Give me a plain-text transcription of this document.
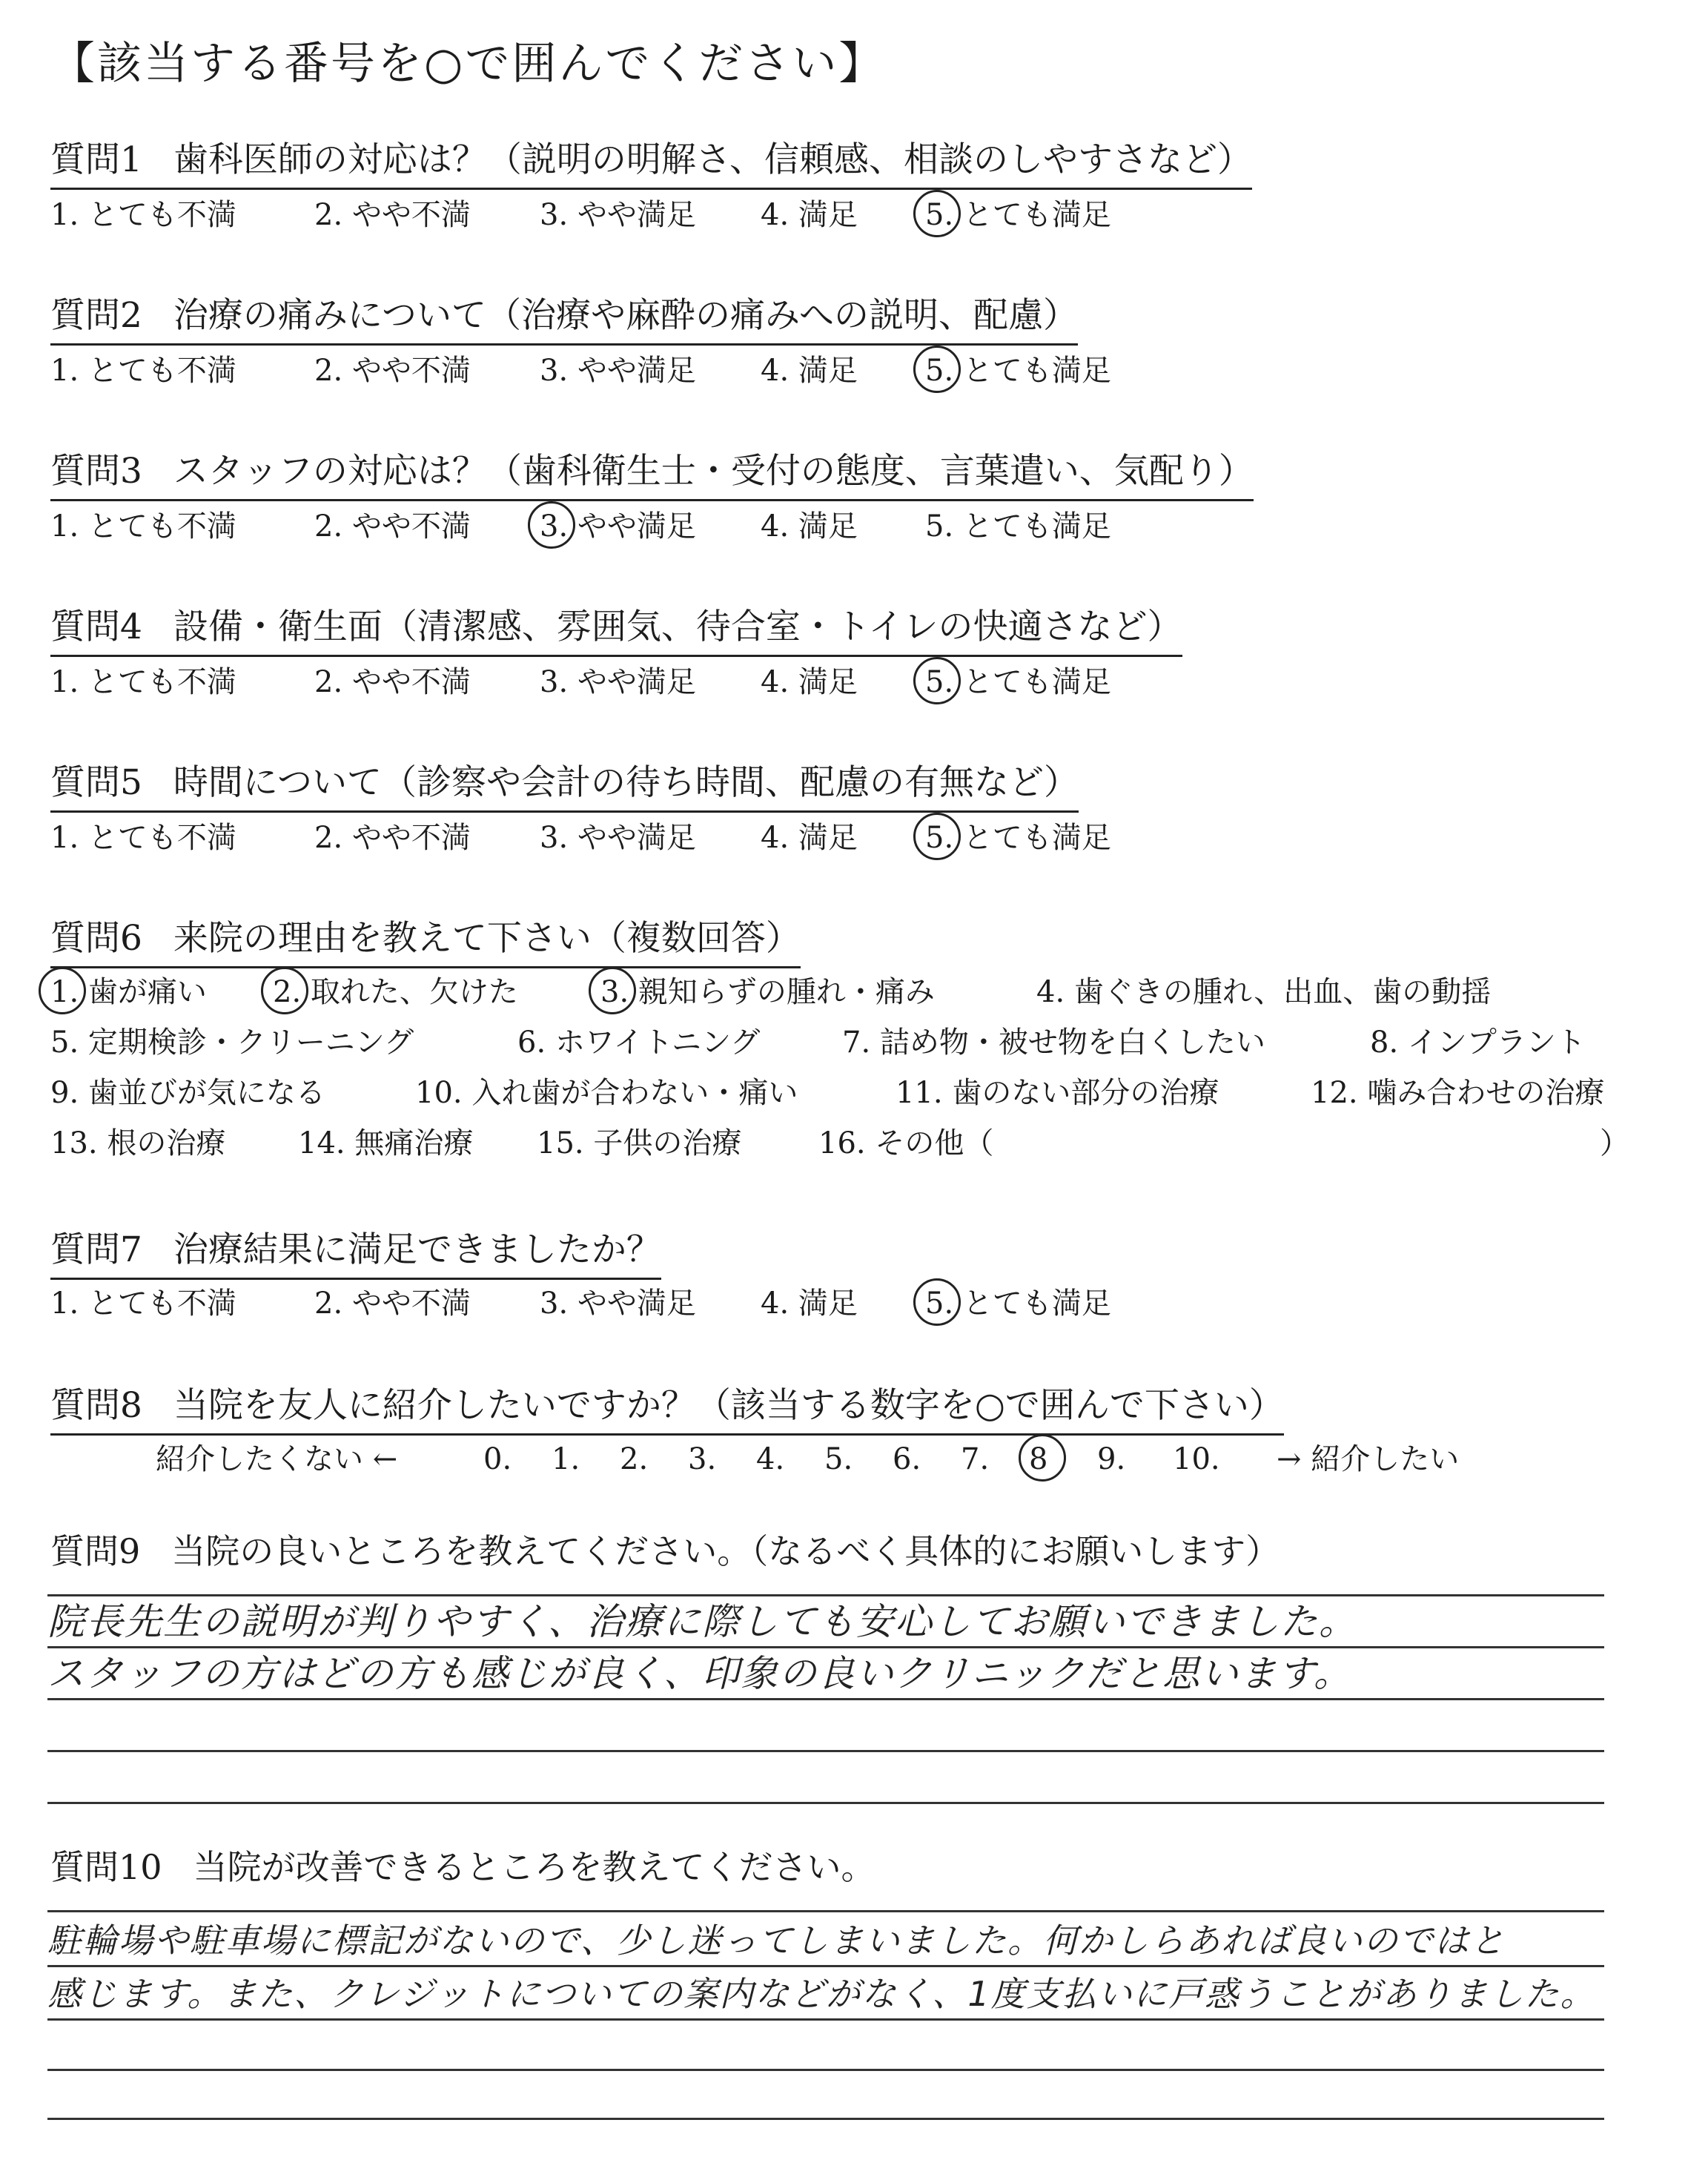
【該当する番号を○で囲んでください】
質問1 歯科医師の対応は？（説明の明解さ、信頼感、相談のしやすさなど）
1. とても不満	2. やや不満 3. やや満足 4. 満足 5. とても満足
質問2 治療の痛みについて（治療や麻酔の痛みへの説明、配慮）
1. とても不満	2. やや不満 3. やや満足 4. 満足 5. とても満足
質問3 スタッフの対応は？（歯科衛生士・受付の態度、言葉遣い、気配り）
1. とても不満	2. やや不満 3. やや満足 4. 満足 5. とても満足
質問4 設備・衛生面（清潔感、雰囲気、待合室・トイレの快適さなど）
1. とても不満	2. やや不満 3. やや満足 4. 満足 5. とても満足
質問5 時間について（診察や会計の待ち時間、配慮の有無など）
1. とても不満	2. やや不満 3. やや満足 4. 満足 5. とても満足
質問6 来院の理由を教えて下さい（複数回答）
1. 歯が痛い 2. 取れた、欠けた	3. 親知らずの腫れ・痛み	4. 歯ぐきの腫れ、出血、歯の動揺
5. 定期検診・クリーニング	6. ホワイトニング	7. 詰め物・被せ物を白くしたい	8. インプラント
9. 歯並びが気になる	10. 入れ歯が合わない・痛い	11. 歯のない部分の治療	12. 噛み合わせの治療
13. 根の治療 14. 無痛治療 15. 子供の治療	16. その他（	）
質問7 治療結果に満足できましたか？
1. とても不満	2. やや不満 3. やや満足 4. 満足 5. とても満足
質問8 当院を友人に紹介したいですか？（該当する数字を○で囲んで下さい）
紹介したくない ←	0. 1. 2. 3. 4. 5. 6. 7. 8 9. 10. → 紹介したい
質問9 当院の良いところを教えてください。（なるべく具体的にお願いします）
院長先生の説明が判りやすく、治療に際しても安心してお願いできました。
スタッフの方はどの方も感じが良く、印象の良いクリニックだと思います。
質問10 当院が改善できるところを教えてください。
駐輪場や駐車場に標記がないので、少し迷ってしまいました。何かしらあれば良いのではと
感じます。また、クレジットについての案内などがなく、1度支払いに戸惑うことがありました。
